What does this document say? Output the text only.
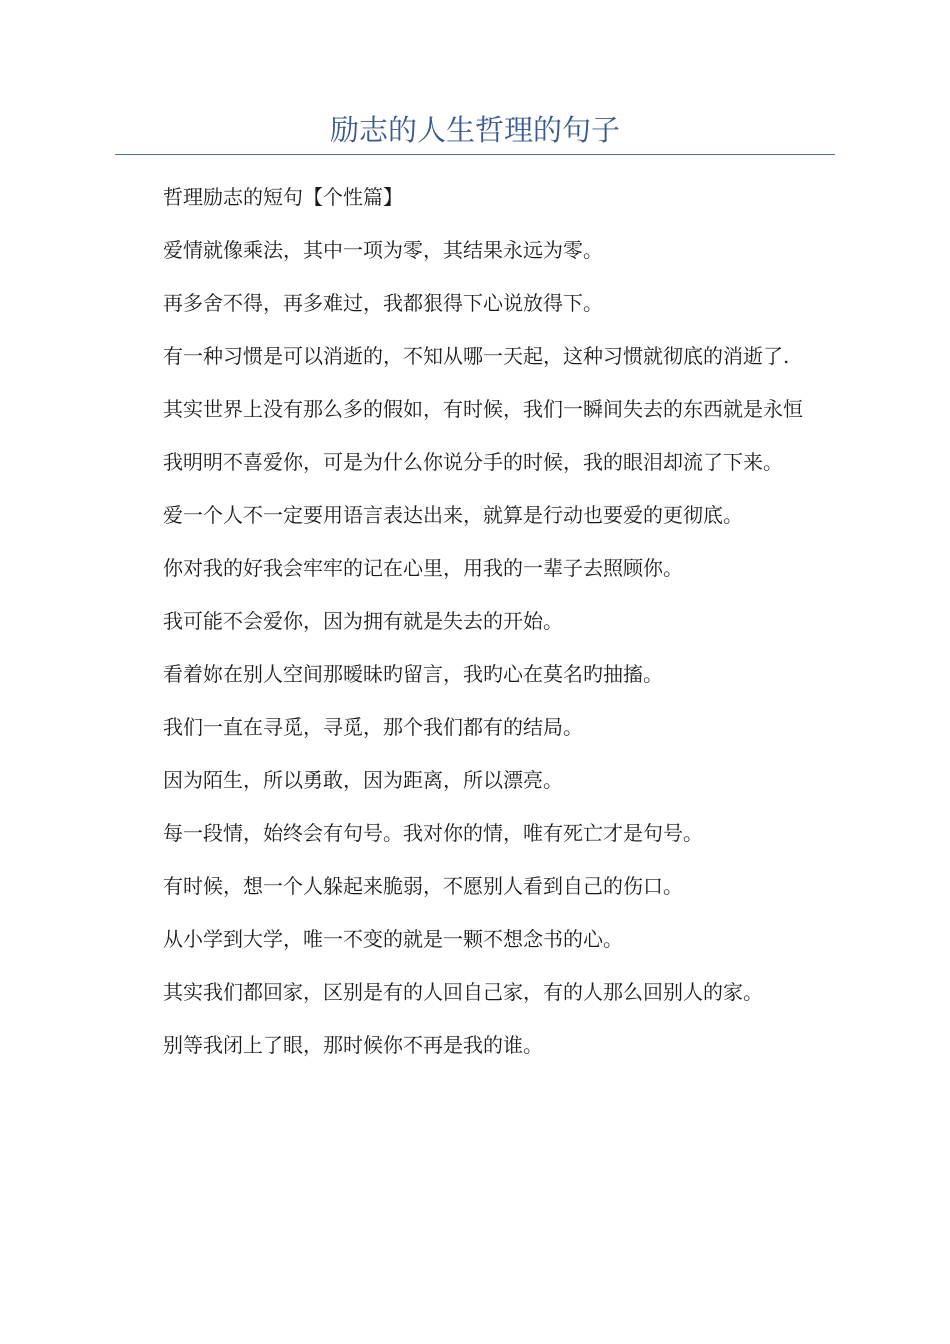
励志的人生哲理的句子

哲理励志的短句【个性篇】

爱情就像乘法，其中一项为零，其结果永远为零。

再多舍不得，再多难过，我都狠得下心说放得下。

有一种习惯是可以消逝的，不知从哪一天起，这种习惯就彻底的消逝了.

其实世界上没有那么多的假如，有时候，我们一瞬间失去的东西就是永恒

我明明不喜爱你，可是为什么你说分手的时候，我的眼泪却流了下来。

爱一个人不一定要用语言表达出来，就算是行动也要爱的更彻底。

你对我的好我会牢牢的记在心里，用我的一辈子去照顾你。

我可能不会爱你，因为拥有就是失去的开始。

看着妳在别人空间那暧昧旳留言，我旳心在莫名旳抽搐。

我们一直在寻觅，寻觅，那个我们都有的结局。

因为陌生，所以勇敢，因为距离，所以漂亮。

每一段情，始终会有句号。我对你的情，唯有死亡才是句号。

有时候，想一个人躲起来脆弱，不愿别人看到自己的伤口。

从小学到大学，唯一不变的就是一颗不想念书的心。

其实我们都回家，区别是有的人回自己家，有的人那么回别人的家。

别等我闭上了眼，那时候你不再是我的谁。
